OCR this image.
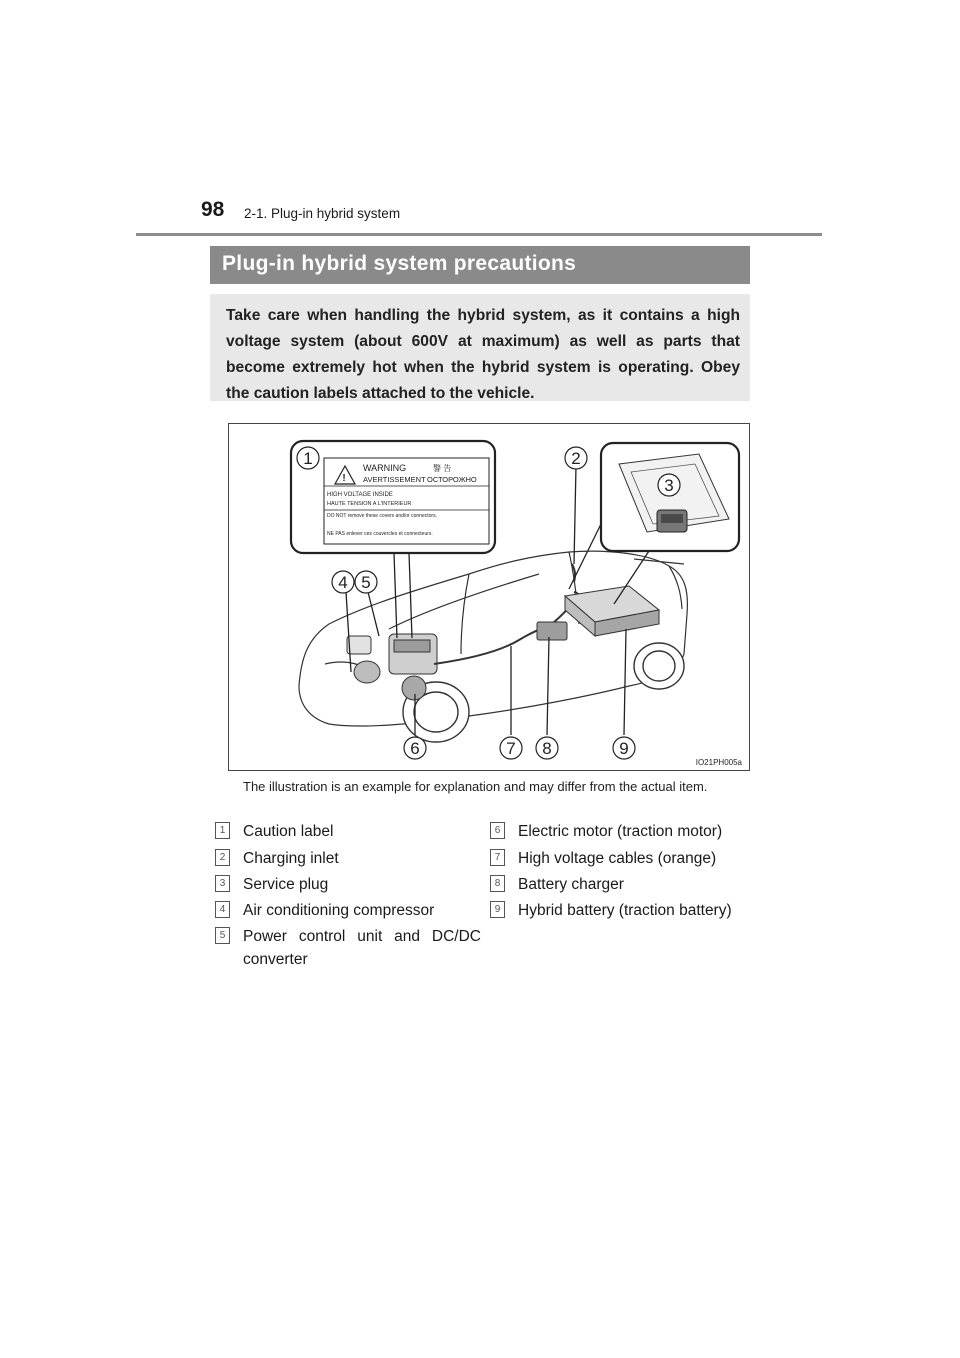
98 2-1. Plug-in hybrid system
Plug-in hybrid system precautions
Take care when handling the hybrid system, as it contains a high voltage system (about 600V at maximum) as well as parts that become extremely hot when the hybrid system is operating. Obey the caution labels attached to the vehicle.
!
WARNING	警 告
AVERTISSEMENT ОСТОРОЖНО
HIGH VOLTAGE INSIDE
HAUTE TENSION A L'INTERIEUR
DO NOT remove these covers and/or connectors.
NE PAS enlever ces couvercles et connecteurs.
1	2
3
4 5
6	7 8	9
IO21PH005a
The illustration is an example for explanation and may differ from the actual item.
1	Caution label
2	Charging inlet
3	Service plug
4	Air conditioning compressor
5	Power control unit and DC/DC converter
6	Electric motor (traction motor)
7	High voltage cables (orange)
8	Battery charger
9	Hybrid battery (traction battery)
